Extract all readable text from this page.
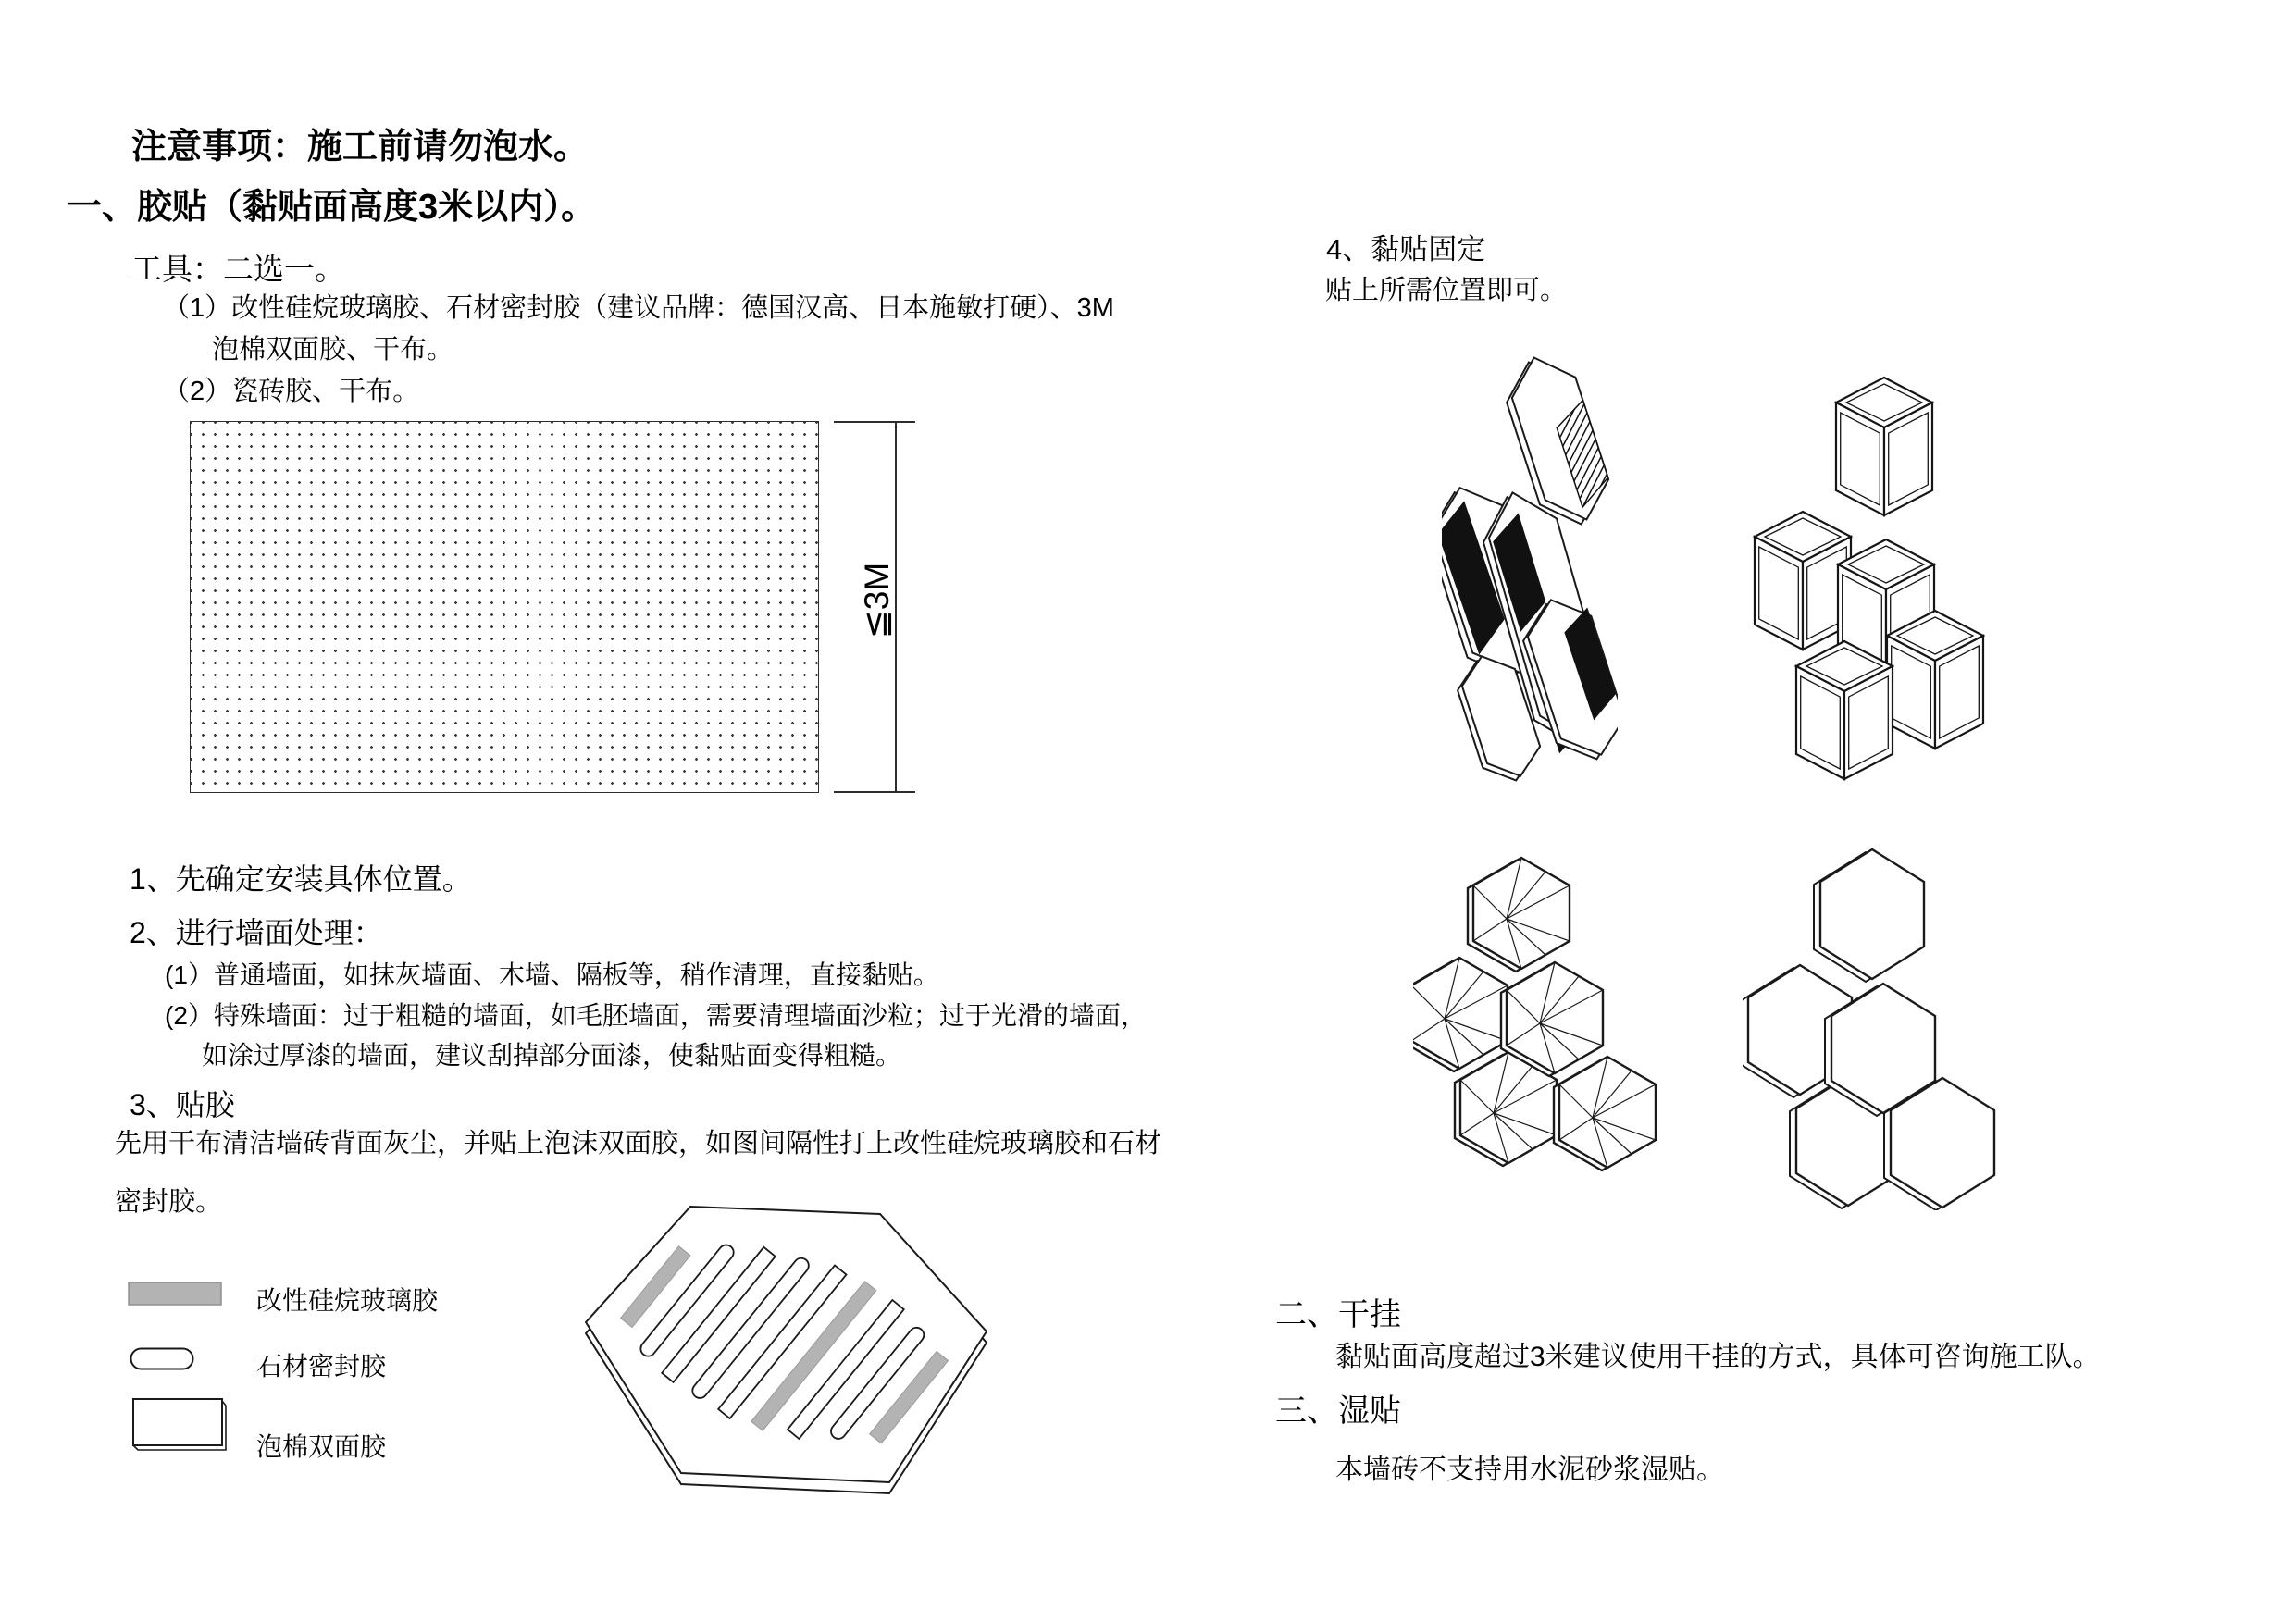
注意事项：施工前请勿泡水。
一、胶贴（黏贴面高度3米以内）。
工具：二选一。
（1）改性硅烷玻璃胶、石材密封胶（建议品牌：德国汉高、日本施敏打硬）、3M
泡棉双面胶、干布。
（2）瓷砖胶、干布。
≦3M
1、先确定安装具体位置。
2、进行墙面处理：
(1）普通墙面，如抹灰墙面、木墙、隔板等，稍作清理，直接黏贴。
(2）特殊墙面：过于粗糙的墙面，如毛胚墙面，需要清理墙面沙粒；过于光滑的墙面，
如涂过厚漆的墙面，建议刮掉部分面漆，使黏贴面变得粗糙。
3、贴胶
先用干布清洁墙砖背面灰尘，并贴上泡沫双面胶，如图间隔性打上改性硅烷玻璃胶和石材
密封胶。
改性硅烷玻璃胶
石材密封胶
泡棉双面胶
4、黏贴固定
贴上所需位置即可。
二、干挂
黏贴面高度超过3米建议使用干挂的方式，具体可咨询施工队。
三、湿贴
本墙砖不支持用水泥砂浆湿贴。
